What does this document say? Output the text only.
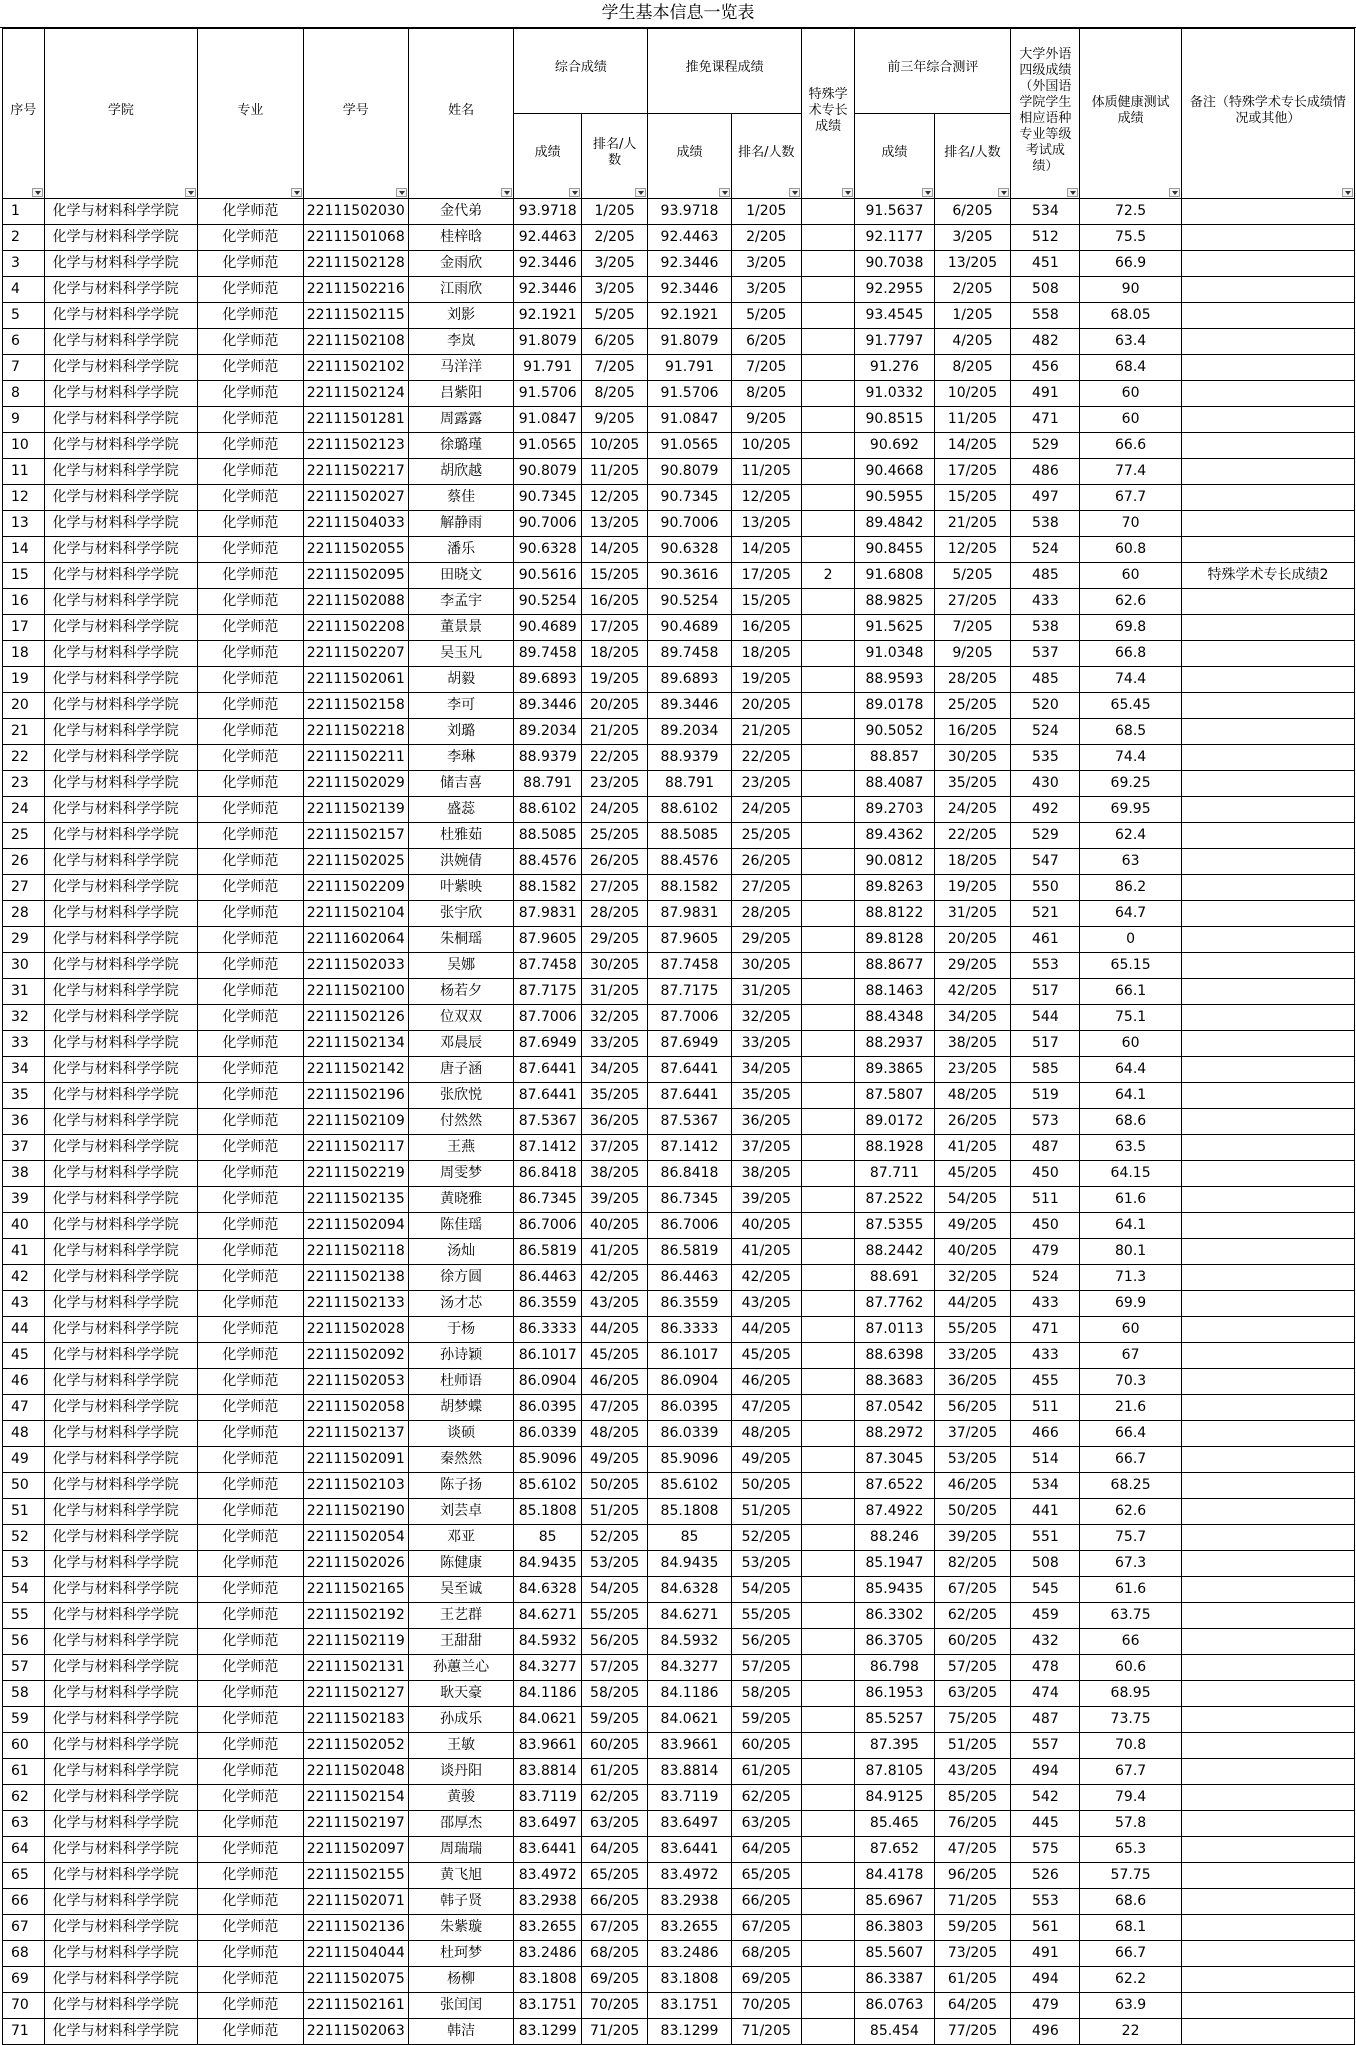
学生基本信息一览表
序号	学院	专业	学号	姓名	综合成绩		推免课程成绩		特殊学术专长成绩	前三年综合测评		大学外语四级成绩（外国语学院学生相应语种专业等级考试成绩）	体质健康测试成绩	备注（特殊学术专长成绩情况或其他）

					成绩	排名/人数	成绩	排名/人数		成绩	排名/人数			

1	化学与材料科学学院	化学师范	22111502030	金代弟	93.9718	1/205	93.9718	1/205		91.5637	6/205	534	72.5	
2	化学与材料科学学院	化学师范	22111501068	桂梓晗	92.4463	2/205	92.4463	2/205		92.1177	3/205	512	75.5	
3	化学与材料科学学院	化学师范	22111502128	金雨欣	92.3446	3/205	92.3446	3/205		90.7038	13/205	451	66.9	
4	化学与材料科学学院	化学师范	22111502216	江雨欣	92.3446	3/205	92.3446	3/205		92.2955	2/205	508	90	
5	化学与材料科学学院	化学师范	22111502115	刘影	92.1921	5/205	92.1921	5/205		93.4545	1/205	558	68.05	
6	化学与材料科学学院	化学师范	22111502108	李岚	91.8079	6/205	91.8079	6/205		91.7797	4/205	482	63.4	
7	化学与材料科学学院	化学师范	22111502102	马洋洋	91.791	7/205	91.791	7/205		91.276	8/205	456	68.4	
8	化学与材料科学学院	化学师范	22111502124	吕紫阳	91.5706	8/205	91.5706	8/205		91.0332	10/205	491	60	
9	化学与材料科学学院	化学师范	22111501281	周露露	91.0847	9/205	91.0847	9/205		90.8515	11/205	471	60	
10	化学与材料科学学院	化学师范	22111502123	徐璐瑾	91.0565	10/205	91.0565	10/205		90.692	14/205	529	66.6	
11	化学与材料科学学院	化学师范	22111502217	胡欣越	90.8079	11/205	90.8079	11/205		90.4668	17/205	486	77.4	
12	化学与材料科学学院	化学师范	22111502027	蔡佳	90.7345	12/205	90.7345	12/205		90.5955	15/205	497	67.7	
13	化学与材料科学学院	化学师范	22111504033	解静雨	90.7006	13/205	90.7006	13/205		89.4842	21/205	538	70	
14	化学与材料科学学院	化学师范	22111502055	潘乐	90.6328	14/205	90.6328	14/205		90.8455	12/205	524	60.8	
15	化学与材料科学学院	化学师范	22111502095	田晓文	90.5616	15/205	90.3616	17/205	2	91.6808	5/205	485	60	特殊学术专长成绩2
16	化学与材料科学学院	化学师范	22111502088	李孟宇	90.5254	16/205	90.5254	15/205		88.9825	27/205	433	62.6	
17	化学与材料科学学院	化学师范	22111502208	董景景	90.4689	17/205	90.4689	16/205		91.5625	7/205	538	69.8	
18	化学与材料科学学院	化学师范	22111502207	吴玉凡	89.7458	18/205	89.7458	18/205		91.0348	9/205	537	66.8	
19	化学与材料科学学院	化学师范	22111502061	胡毅	89.6893	19/205	89.6893	19/205		88.9593	28/205	485	74.4	
20	化学与材料科学学院	化学师范	22111502158	李可	89.3446	20/205	89.3446	20/205		89.0178	25/205	520	65.45	
21	化学与材料科学学院	化学师范	22111502218	刘璐	89.2034	21/205	89.2034	21/205		90.5052	16/205	524	68.5	
22	化学与材料科学学院	化学师范	22111502211	李琳	88.9379	22/205	88.9379	22/205		88.857	30/205	535	74.4	
23	化学与材料科学学院	化学师范	22111502029	储吉喜	88.791	23/205	88.791	23/205		88.4087	35/205	430	69.25	
24	化学与材料科学学院	化学师范	22111502139	盛蕊	88.6102	24/205	88.6102	24/205		89.2703	24/205	492	69.95	
25	化学与材料科学学院	化学师范	22111502157	杜雅茹	88.5085	25/205	88.5085	25/205		89.4362	22/205	529	62.4	
26	化学与材料科学学院	化学师范	22111502025	洪婉倩	88.4576	26/205	88.4576	26/205		90.0812	18/205	547	63	
27	化学与材料科学学院	化学师范	22111502209	叶紫映	88.1582	27/205	88.1582	27/205		89.8263	19/205	550	86.2	
28	化学与材料科学学院	化学师范	22111502104	张宇欣	87.9831	28/205	87.9831	28/205		88.8122	31/205	521	64.7	
29	化学与材料科学学院	化学师范	22111602064	朱桐瑶	87.9605	29/205	87.9605	29/205		89.8128	20/205	461	0	
30	化学与材料科学学院	化学师范	22111502033	吴娜	87.7458	30/205	87.7458	30/205		88.8677	29/205	553	65.15	
31	化学与材料科学学院	化学师范	22111502100	杨若夕	87.7175	31/205	87.7175	31/205		88.1463	42/205	517	66.1	
32	化学与材料科学学院	化学师范	22111502126	位双双	87.7006	32/205	87.7006	32/205		88.4348	34/205	544	75.1	
33	化学与材料科学学院	化学师范	22111502134	邓晨辰	87.6949	33/205	87.6949	33/205		88.2937	38/205	517	60	
34	化学与材料科学学院	化学师范	22111502142	唐子涵	87.6441	34/205	87.6441	34/205		89.3865	23/205	585	64.4	
35	化学与材料科学学院	化学师范	22111502196	张欣悦	87.6441	35/205	87.6441	35/205		87.5807	48/205	519	64.1	
36	化学与材料科学学院	化学师范	22111502109	付然然	87.5367	36/205	87.5367	36/205		89.0172	26/205	573	68.6	
37	化学与材料科学学院	化学师范	22111502117	王燕	87.1412	37/205	87.1412	37/205		88.1928	41/205	487	63.5	
38	化学与材料科学学院	化学师范	22111502219	周雯梦	86.8418	38/205	86.8418	38/205		87.711	45/205	450	64.15	
39	化学与材料科学学院	化学师范	22111502135	黄晓雅	86.7345	39/205	86.7345	39/205		87.2522	54/205	511	61.6	
40	化学与材料科学学院	化学师范	22111502094	陈佳瑶	86.7006	40/205	86.7006	40/205		87.5355	49/205	450	64.1	
41	化学与材料科学学院	化学师范	22111502118	汤灿	86.5819	41/205	86.5819	41/205		88.2442	40/205	479	80.1	
42	化学与材料科学学院	化学师范	22111502138	徐方圆	86.4463	42/205	86.4463	42/205		88.691	32/205	524	71.3	
43	化学与材料科学学院	化学师范	22111502133	汤才芯	86.3559	43/205	86.3559	43/205		87.7762	44/205	433	69.9	
44	化学与材料科学学院	化学师范	22111502028	于杨	86.3333	44/205	86.3333	44/205		87.0113	55/205	471	60	
45	化学与材料科学学院	化学师范	22111502092	孙诗颖	86.1017	45/205	86.1017	45/205		88.6398	33/205	433	67	
46	化学与材料科学学院	化学师范	22111502053	杜师语	86.0904	46/205	86.0904	46/205		88.3683	36/205	455	70.3	
47	化学与材料科学学院	化学师范	22111502058	胡梦蝶	86.0395	47/205	86.0395	47/205		87.0542	56/205	511	21.6	
48	化学与材料科学学院	化学师范	22111502137	谈硕	86.0339	48/205	86.0339	48/205		88.2972	37/205	466	66.4	
49	化学与材料科学学院	化学师范	22111502091	秦然然	85.9096	49/205	85.9096	49/205		87.3045	53/205	514	66.7	
50	化学与材料科学学院	化学师范	22111502103	陈子扬	85.6102	50/205	85.6102	50/205		87.6522	46/205	534	68.25	
51	化学与材料科学学院	化学师范	22111502190	刘芸卓	85.1808	51/205	85.1808	51/205		87.4922	50/205	441	62.6	
52	化学与材料科学学院	化学师范	22111502054	邓亚	85	52/205	85	52/205		88.246	39/205	551	75.7	
53	化学与材料科学学院	化学师范	22111502026	陈健康	84.9435	53/205	84.9435	53/205		85.1947	82/205	508	67.3	
54	化学与材料科学学院	化学师范	22111502165	吴至诚	84.6328	54/205	84.6328	54/205		85.9435	67/205	545	61.6	
55	化学与材料科学学院	化学师范	22111502192	王艺群	84.6271	55/205	84.6271	55/205		86.3302	62/205	459	63.75	
56	化学与材料科学学院	化学师范	22111502119	王甜甜	84.5932	56/205	84.5932	56/205		86.3705	60/205	432	66	
57	化学与材料科学学院	化学师范	22111502131	孙蕙兰心	84.3277	57/205	84.3277	57/205		86.798	57/205	478	60.6	
58	化学与材料科学学院	化学师范	22111502127	耿天豪	84.1186	58/205	84.1186	58/205		86.1953	63/205	474	68.95	
59	化学与材料科学学院	化学师范	22111502183	孙成乐	84.0621	59/205	84.0621	59/205		85.5257	75/205	487	73.75	
60	化学与材料科学学院	化学师范	22111502052	王敏	83.9661	60/205	83.9661	60/205		87.395	51/205	557	70.8	
61	化学与材料科学学院	化学师范	22111502048	谈丹阳	83.8814	61/205	83.8814	61/205		87.8105	43/205	494	67.7	
62	化学与材料科学学院	化学师范	22111502154	黄骏	83.7119	62/205	83.7119	62/205		84.9125	85/205	542	79.4	
63	化学与材料科学学院	化学师范	22111502197	邵厚杰	83.6497	63/205	83.6497	63/205		85.465	76/205	445	57.8	
64	化学与材料科学学院	化学师范	22111502097	周瑞瑞	83.6441	64/205	83.6441	64/205		87.652	47/205	575	65.3	
65	化学与材料科学学院	化学师范	22111502155	黄飞旭	83.4972	65/205	83.4972	65/205		84.4178	96/205	526	57.75	
66	化学与材料科学学院	化学师范	22111502071	韩子贤	83.2938	66/205	83.2938	66/205		85.6967	71/205	553	68.6	
67	化学与材料科学学院	化学师范	22111502136	朱紫璇	83.2655	67/205	83.2655	67/205		86.3803	59/205	561	68.1	
68	化学与材料科学学院	化学师范	22111504044	杜珂梦	83.2486	68/205	83.2486	68/205		85.5607	73/205	491	66.7	
69	化学与材料科学学院	化学师范	22111502075	杨柳	83.1808	69/205	83.1808	69/205		86.3387	61/205	494	62.2	
70	化学与材料科学学院	化学师范	22111502161	张闰闰	83.1751	70/205	83.1751	70/205		86.0763	64/205	479	63.9	
71	化学与材料科学学院	化学师范	22111502063	韩洁	83.1299	71/205	83.1299	71/205		85.454	77/205	496	22	
